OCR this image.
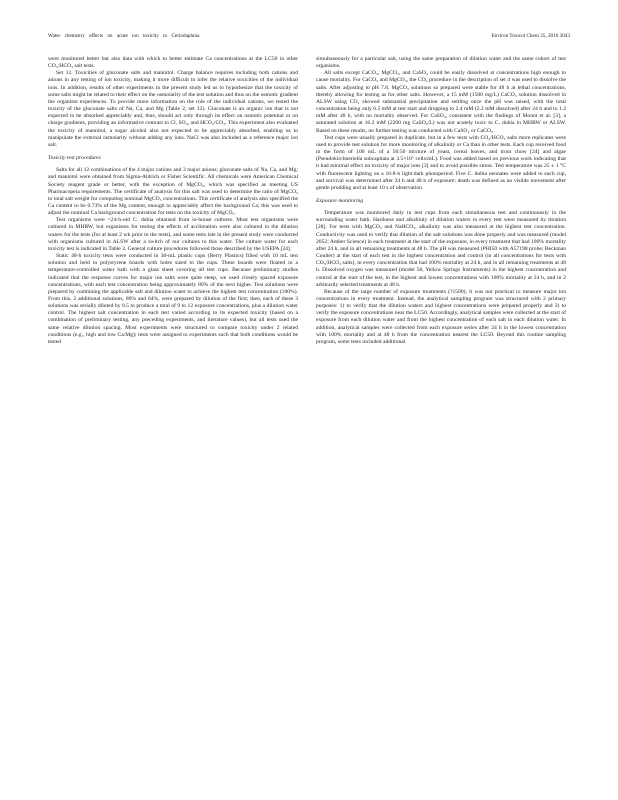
Water chemistry effects on acute ion toxicity to Ceriodaphnia	Environ Toxicol Chem 35, 2016 3043

were monitored better but also data with which to better estimate Ca concentrations at the LC50 in other CO₃:HCO₃ salt tests.

Set 12. Toxicities of gluconate salts and mannitol. Charge balance requires including both cations and anions in any testing of ion toxicity, making it more difficult to infer the relative toxicities of the individual ions. In addition, results of other experiments in the present study led us to hypothesize that the toxicity of some salts might be related to their effect on the osmolarity of the test solution and thus on the osmotic gradient the organism experiences. To provide more information on the role of the individual cations, we tested the toxicity of the gluconate salts of Na, Ca, and Mg (Table 2, set 12). Gluconate is an organic ion that is not expected to be absorbed appreciably and, thus, should act only through its effect on osmotic potential or on charge gradients, providing an informative contrast to Cl, SO₄, and HCO₃/CO₃. This experiment also evaluated the toxicity of mannitol, a sugar alcohol also not expected to be appreciably absorbed, enabling us to manipulate the external osmolarity without adding any ions. NaCl was also included as a reference major ion salt.

Toxicity test procedures

Salts for all 12 combinations of the 4 major cations and 3 major anions; gluconate salts of Na, Ca, and Mg; and mannitol were obtained from Sigma-Aldrich or Fisher Scientific. All chemicals were American Chemical Society reagent grade or better, with the exception of MgCO₃, which was specified as meeting US Pharmacopeia requirements. The certificate of analysis for this salt was used to determine the ratio of MgCO₃ to total salt weight for computing nominal MgCO₃ concentrations. This certificate of analysis also specified the Ca content to be 0.73% of the Mg content, enough to appreciably affect the background Ca; this was used to adjust the nominal Ca background concentration for tests on the toxicity of MgCO₃.

Test organisms were <24-h-old C. dubia obtained from in-house cultures. Most test organisms were cultured in MHRW, but organisms for testing the effects of acclimation were also cultured in the dilution waters for the tests (for at least 2 wk prior to the tests), and some tests late in the present study were conducted with organisms cultured in ALSW after a switch of our cultures to this water. The culture water for each toxicity test is indicated in Table 3. General culture procedures followed those described by the USEPA [24].

Static 48-h toxicity tests were conducted in 30-mL plastic cups (Berry Plastics) filled with 10 mL test solution and held in polystyrene boards with holes sized to the cups. These boards were floated in a temperature-controlled water bath with a glass sheet covering all test cups. Because preliminary studies indicated that the response curves for major ion salts were quite steep, we used closely spaced exposure concentrations, with each test concentration being approximately 80% of the next higher. Test solutions were prepared by combining the applicable salt and dilution water to achieve the highest test concentration (100%). From this, 2 additional solutions, 80% and 64%, were prepared by dilution of the first; then, each of these 3 solutions was serially diluted by 0.5 to produce a total of 9 to 12 exposure concentrations, plus a dilution water control. The highest salt concentration in each test varied according to its expected toxicity (based on a combination of preliminary testing, any preceding experiments, and literature values), but all tests used the same relative dilution spacing. Most experiments were structured to compare toxicity under 2 related conditions (e.g., high and low Ca:Mg); tests were assigned to experiments such that both conditions would be tested

simultaneously for a particular salt, using the same preparation of dilution water and the same cohort of test organisms.

All salts except CaCO₃, MgCO₃, and CaSO₄ could be easily dissolved at concentrations high enough to cause mortality. For CaCO₃ and MgCO₃, the CO₂ procedure in the description of set 4 was used to dissolve the salts. After adjusting to pH 7.8, MgCO₃ solutions so prepared were stable for 48 h at lethal concentrations, thereby allowing for testing as for other salts. However, a 15 mM (1500 mg/L) CaCO₃ solution dissolved in ALSW using CO₂ showed substantial precipitation and settling once the pH was raised, with the total concentration being only 6.5 mM at test start and dropping to 2.4 mM (2.2 mM dissolved) after 24 h and to 1.2 mM after 48 h, with no mortality observed. For CaSO₄, consistent with the findings of Mount et al. [3], a saturated solution at 16.2 mM (2200 mg CaSO₄/L) was not acutely toxic to C. dubia in MHRW or ALSW. Based on these results, no further testing was conducted with CaSO₄ or CaCO₃.

Test cups were usually prepared in duplicate, but in a few tests with CO₃/HCO₃ salts more replicates were used to provide test solution for more monitoring of alkalinity or Ca than in other tests. Each cup received food in the form of 100 mL of a 50:50 mixture of yeast, cereal leaves, and trout chow [24] and algae (Pseudokirchneriella subcapitata at 3.5×10⁷ cells/mL). Food was added based on previous work indicating that it had minimal effect on toxicity of major ions [3] and to avoid possible stress. Test temperature was 25 ± 1 °C with fluorescent lighting on a 16:8-h light:dark photoperiod. Five C. dubia neonates were added to each cup, and survival was determined after 24 h and 48 h of exposure; death was defined as no visible movement after gentle prodding and at least 10 s of observation.

Exposure monitoring

Temperature was monitored daily in test cups from each simultaneous test and continuously in the surrounding water bath. Hardness and alkalinity of dilution waters in every test were measured by titration [28]. For tests with MgCO₃ and NaHCO₃, alkalinity was also measured at the highest test concentration. Conductivity was used to verify that dilution of the salt solutions was done properly and was measured (model 2052; Amber Science) in each treatment at the start of the exposure, in every treatment that had 100% mortality after 24 h, and in all remaining treatments at 48 h. The pH was measured (PHI50 with A57198 probe; Beckman Coulter) at the start of each test in the highest concentration and control (in all concentrations for tests with CO₃/HCO₃ salts), in every concentration that had 100% mortality at 24 h, and in all remaining treatments at 48 h. Dissolved oxygen was measured (model 58, Yellow Springs Instruments) in the highest concentration and control at the start of the test, in the highest and lowest concentrations with 100% mortality at 24 h, and in 2 arbitrarily selected treatments at 48 h.

Because of the large number of exposure treatments (?1500), it was not practical to measure major ion concentrations in every treatment. Instead, the analytical sampling program was structured with 2 primary purposes: 1) to verify that the dilution waters and highest concentrations were prepared properly and 2) to verify the exposure concentrations near the LC50. Accordingly, analytical samples were collected at the start of exposure from each dilution water and from the highest concentration of each salt in each dilution water. In addition, analytical samples were collected from each exposure series after 24 h in the lowest concentration with 100% mortality and at 48 h from the concentration nearest the LC50. Beyond this routine sampling program, some tests included additional
